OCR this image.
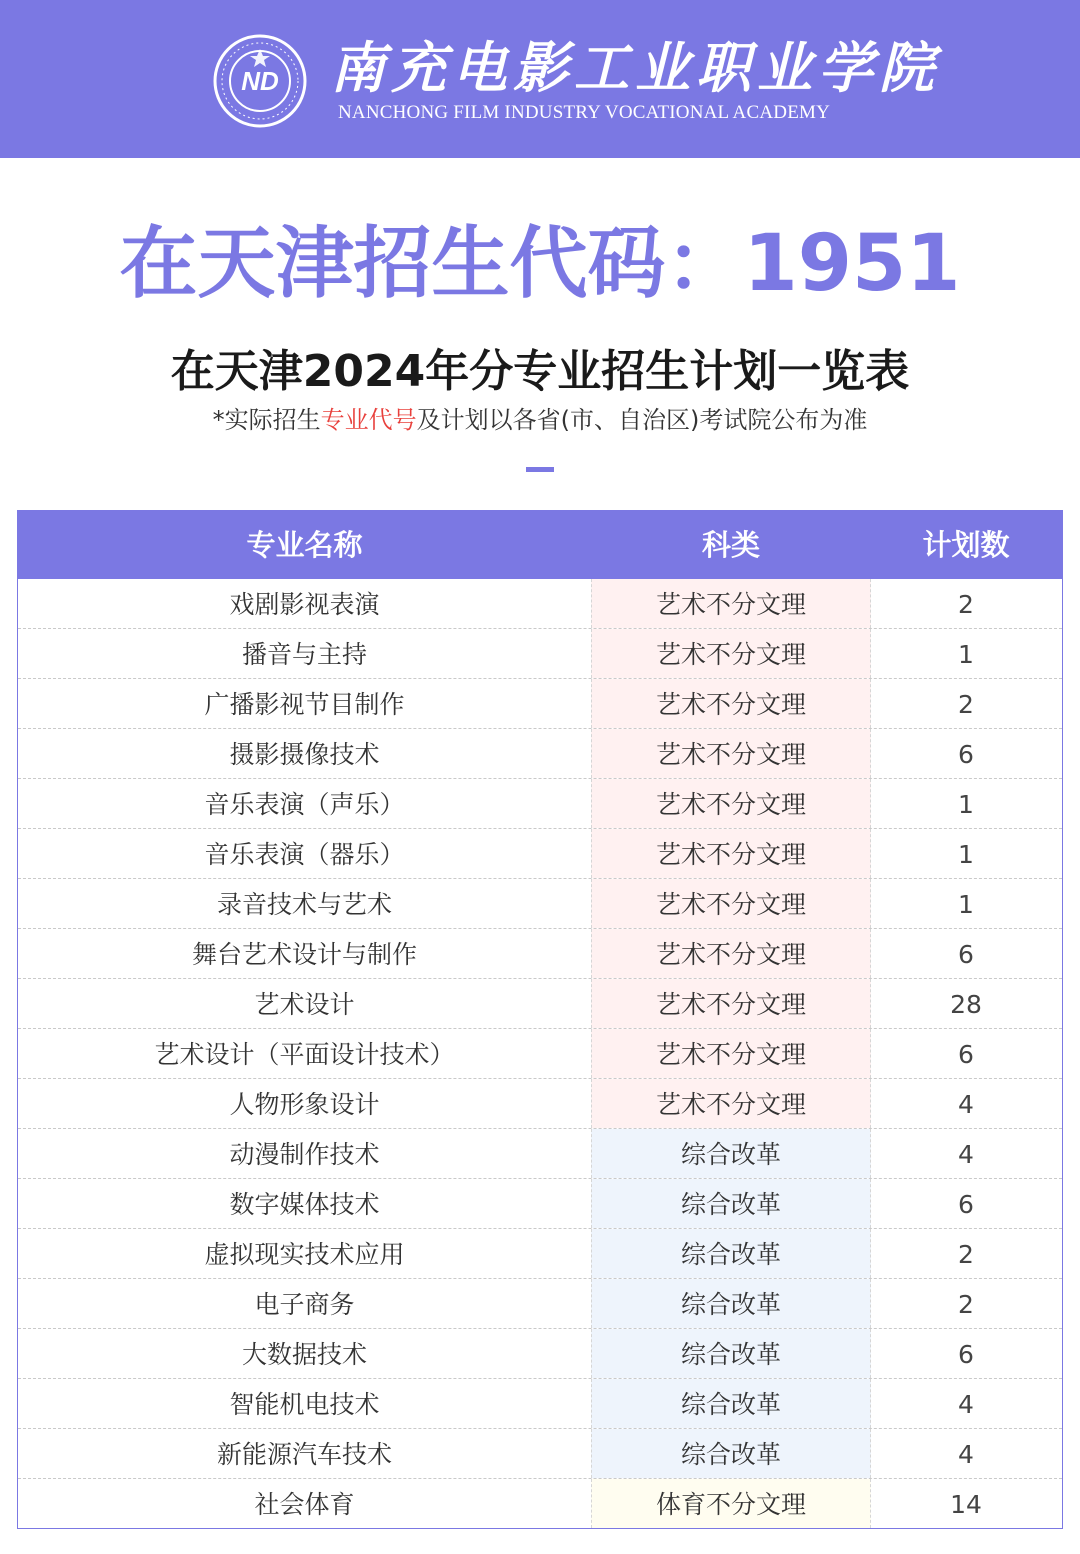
ND 南充电影工业职业学院
NANCHONG FILM INDUSTRY VOCATIONAL ACADEMY
在天津招生代码：1951
在天津2024年分专业招生计划一览表
*实际招生专业代号及计划以各省(市、自治区)考试院公布为准
专业名称	科类	计划数
戏剧影视表演	艺术不分文理	2
播音与主持	艺术不分文理	1
广播影视节目制作	艺术不分文理	2
摄影摄像技术	艺术不分文理	6
音乐表演（声乐）	艺术不分文理	1
音乐表演（器乐）	艺术不分文理	1
录音技术与艺术	艺术不分文理	1
舞台艺术设计与制作	艺术不分文理	6
艺术设计	艺术不分文理	28
艺术设计（平面设计技术）	艺术不分文理	6
人物形象设计	艺术不分文理	4
动漫制作技术	综合改革	4
数字媒体技术	综合改革	6
虚拟现实技术应用	综合改革	2
电子商务	综合改革	2
大数据技术	综合改革	6
智能机电技术	综合改革	4
新能源汽车技术	综合改革	4
社会体育	体育不分文理	14
